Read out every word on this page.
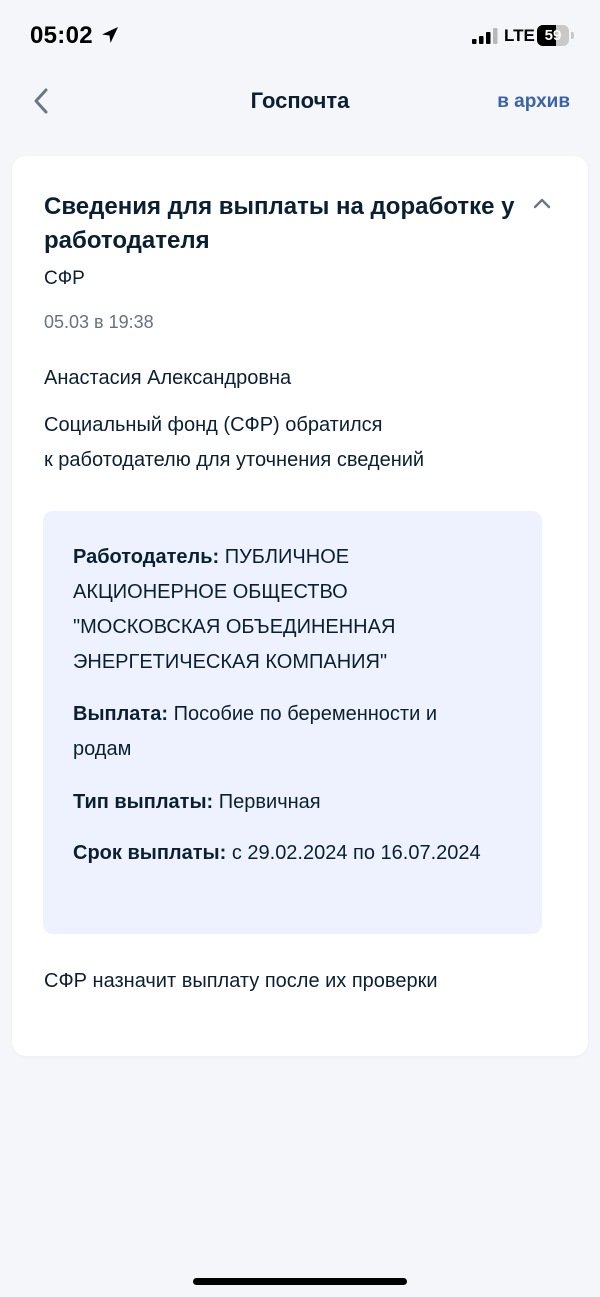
05:02	LTE 59
Госпочта	в архив
Сведения для выплаты на доработке у работодателя
СФР
05.03 в 19:38
Анастасия Александровна

Социальный фонд (СФР) обратился
к работодателю для уточнения сведений

Работодатель: ПУБЛИЧНОЕ АКЦИОНЕРНОЕ ОБЩЕСТВО "МОСКОВСКАЯ ОБЪЕДИНЕННАЯ ЭНЕРГЕТИЧЕСКАЯ КОМПАНИЯ"

Выплата: Пособие по беременности и родам

Тип выплаты: Первичная

Срок выплаты: с 29.02.2024 по 16.07.2024

СФР назначит выплату после их проверки
